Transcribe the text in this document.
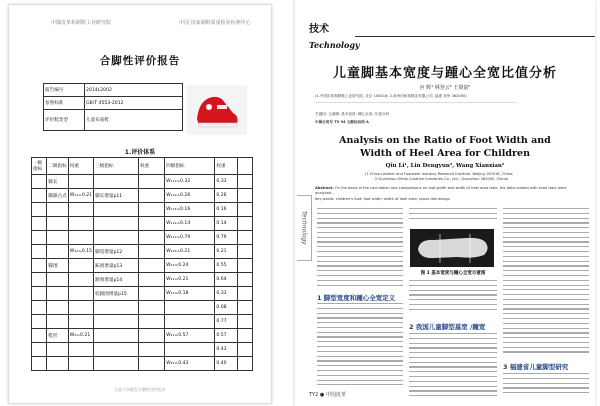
中國皮革和制鞋工业研究院	中国·国家制鞋质量检验检测中心
合脚性评价报告
报告编号	2014L2002
参照标准	GB/T 4553-2012
评价鞋类型	儿童布面鞋
1.评价体系
一级指标	二级指标	权重	三级指标	权重	四级指标	权重	
	脚长				W₁₁₁=0.32	0.33	
	脚跟凸点	W₁₁=0.21	脚长增量p11		W₁₁₂=0.26	0.26	
					W₁₁₃=0.16	0.16	
					W₁₁₄=0.14	0.14	
					W₁₂₁=0.79	0.79	
		W₁₂=0.15	脚宽增量p12		W₁₂₂=0.21	0.21	
	脚围		跖围增量p13		W₁₃=0.24	0.55	
			跗围增量p14		W₁₄=0.21	0.64	
			兜跟围增量p15		W₁₅=0.18	0.33	
						0.08	
						0.77	
	鞋形	W₂=0.21			W₂₁=0.57	0.57	
						0.43	
					W₂₂=0.43	0.40	
儿童不同鞋型合脚性评价报告
技术
Technology
儿童脚基本宽度与踵心全宽比值分析
应 辉¹ 林登云² 王贤富²
(1.中国皮革和制鞋工业研究院, 北京 100016; 2.泉州信和体鞋业有限公司, 福建 泉州 362000)
————————————————————————————————————————————————————————
关键词: 儿童脚; 基本宽度; 踵心全宽; 比值分析
中图分类号 TS 94 文献标识码 A
Analysis on the Ratio of Foot Width and
Width of Heel Area for Children
Qiu Li¹, Lin Dengyun², Wang Xianxian²
(1.China Leather and Footwear Industry Research Institute, Beijing 100016, China;
2.Quanzhou Shida Creative Industries Co., Ltd., Quanzhou 362000, China)
Abstract: On the basis of the calculation and comparisons on foot width and width of heel area ratio, the data related with shoe lasts were analyzed...
Key words: children's foot; foot width; width of heel area; shoes last design
Technology
图 1 基本宽度与踵心全宽示意图
1 脚型宽度和踵心全宽定义
2 我国儿童脚型基宽 /踵宽
3 福建省儿童脚型研究
TY2 ● 中国皮革
